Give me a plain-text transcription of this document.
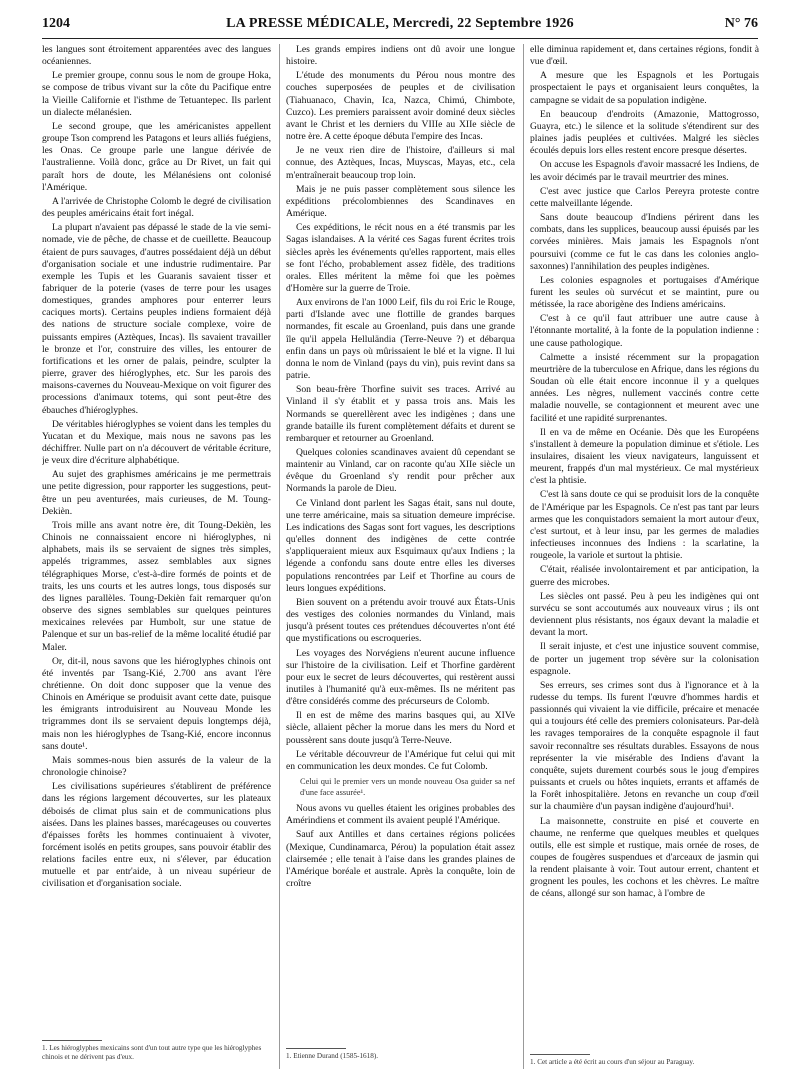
1204	LA PRESSE MÉDICALE, Mercredi, 22 Septembre 1926	N° 76

les langues sont étroitement apparentées avec des langues océaniennes.

Le premier groupe, connu sous le nom de groupe Hoka, se compose de tribus vivant sur la côte du Pacifique entre la Vieille Californie et l'isthme de Tetuantepec. Ils parlent un dialecte mélanésien.

Le second groupe, que les américanistes appellent groupe Tson comprend les Patagons et leurs alliés fuégiens, les Onas. Ce groupe parle une langue dérivée de l'australienne. Voilà donc, grâce au Dr Rivet, un fait qui paraît hors de doute, les Mélanésiens ont colonisé l'Amérique.

A l'arrivée de Christophe Colomb le degré de civilisation des peuples américains était fort inégal.

La plupart n'avaient pas dépassé le stade de la vie semi-nomade, vie de pêche, de chasse et de cueillette. Beaucoup étaient de purs sauvages, d'autres possédaient déjà un début d'organisation sociale et une industrie rudimentaire. Par exemple les Tupis et les Guaranis savaient tisser et fabriquer de la poterie (vases de terre pour les usages domestiques, grandes amphores pour enterrer leurs caciques morts). Certains peuples indiens formaient déjà des nations de structure sociale complexe, voire de puissants empires (Aztèques, Incas). Ils savaient travailler le bronze et l'or, construire des villes, les entourer de fortifications et les orner de palais, peindre, sculpter la pierre, graver des hiéroglyphes, etc. Sur les parois des maisons-cavernes du Nouveau-Mexique on voit figurer des processions d'animaux totems, qui sont peut-être des ébauches d'hiéroglyphes.

De véritables hiéroglyphes se voient dans les temples du Yucatan et du Mexique, mais nous ne savons pas les déchiffrer. Nulle part on n'a découvert de véritable écriture, je veux dire d'écriture alphabétique.

Au sujet des graphismes américains je me permettrais une petite digression, pour rapporter les suggestions, peut-être un peu aventurées, mais curieuses, de M. Toung-Dekièn.

Trois mille ans avant notre ère, dit Toung-Dekièn, les Chinois ne connaissaient encore ni hiéroglyphes, ni alphabets, mais ils se servaient de signes très simples, appelés trigrammes, assez semblables aux signes télégraphiques Morse, c'est-à-dire formés de points et de traits, les uns courts et les autres longs, tous disposés sur des lignes parallèles. Toung-Dekièn fait remarquer qu'on observe des signes semblables sur quelques peintures mexicaines relevées par Humbolt, sur une statue de Palenque et sur un bas-relief de la même localité étudié par Maler.

Or, dit-il, nous savons que les hiéroglyphes chinois ont été inventés par Tsang-Kié, 2.700 ans avant l'ère chrétienne. On doit donc supposer que la venue des Chinois en Amérique se produisit avant cette date, puisque les émigrants introduisirent au Nouveau Monde les trigrammes dont ils se servaient depuis longtemps déjà, mais non les hiéroglyphes de Tsang-Kié, encore inconnus sans doute¹.

Mais sommes-nous bien assurés de la valeur de la chronologie chinoise?

Les civilisations supérieures s'établirent de préférence dans les régions largement découvertes, sur les plateaux déboisés de climat plus sain et de communications plus aisées. Dans les plaines basses, marécageuses ou couvertes d'épaisses forêts les hommes continuaient à vivoter, forcément isolés en petits groupes, sans pouvoir établir des relations faciles entre eux, ni s'élever, par éducation mutuelle et par entr'aide, à un niveau supérieur de civilisation et d'organisation sociale.

1. Les hiéroglyphes mexicains sont d'un tout autre type que les hiéroglyphes chinois et ne dérivent pas d'eux.

Les grands empires indiens ont dû avoir une longue histoire.

L'étude des monuments du Pérou nous montre des couches superposées de peuples et de civilisation (Tiahuanaco, Chavin, Ica, Nazca, Chimú, Chimbote, Cuzco). Les premiers paraissent avoir dominé deux siècles avant le Christ et les derniers du VIIIe au XIIe siècle de notre ère. A cette époque débuta l'empire des Incas.

Je ne veux rien dire de l'histoire, d'ailleurs si mal connue, des Aztèques, Incas, Muyscas, Mayas, etc., cela m'entraînerait beaucoup trop loin.

Mais je ne puis passer complètement sous silence les expéditions précolombiennes des Scandinaves en Amérique.

Ces expéditions, le récit nous en a été transmis par les Sagas islandaises. A la vérité ces Sagas furent écrites trois siècles après les événements qu'elles rapportent, mais elles se font l'écho, probablement assez fidèle, des traditions orales. Elles méritent la même foi que les poèmes d'Homère sur la guerre de Troie.

Aux environs de l'an 1000 Leif, fils du roi Eric le Rouge, parti d'Islande avec une flottille de grandes barques normandes, fit escale au Groenland, puis dans une grande île qu'il appela Helluländia (Terre-Neuve ?) et débarqua enfin dans un pays où mûrissaient le blé et la vigne. Il lui donna le nom de Vinland (pays du vin), puis revint dans sa patrie.

Son beau-frère Thorfine suivit ses traces. Arrivé au Vinland il s'y établit et y passa trois ans. Mais les Normands se querellèrent avec les indigènes ; dans une grande bataille ils furent complètement défaits et durent se rembarquer et retourner au Groenland.

Quelques colonies scandinaves avaient dû cependant se maintenir au Vinland, car on raconte qu'au XIIe siècle un évêque du Groenland s'y rendit pour prêcher aux Normands la parole de Dieu.

Ce Vinland dont parlent les Sagas était, sans nul doute, une terre américaine, mais sa situation demeure imprécise. Les indications des Sagas sont fort vagues, les descriptions qu'elles donnent des indigènes de cette contrée s'appliqueraient mieux aux Esquimaux qu'aux Indiens ; la légende a confondu sans doute entre elles les diverses populations rencontrées par Leif et Thorfine au cours de leurs longues expéditions.

Bien souvent on a prétendu avoir trouvé aux États-Unis des vestiges des colonies normandes du Vinland, mais jusqu'à présent toutes ces prétendues découvertes n'ont été que mystifications ou escroqueries.

Les voyages des Norvégiens n'eurent aucune influence sur l'histoire de la civilisation. Leif et Thorfine gardèrent pour eux le secret de leurs découvertes, qui restèrent aussi inutiles à l'humanité qu'à eux-mêmes. Ils ne méritent pas d'être considérés comme des précurseurs de Colomb.

Il en est de même des marins basques qui, au XIVe siècle, allaient pêcher la morue dans les mers du Nord et poussèrent sans doute jusqu'à Terre-Neuve.

Le véritable découvreur de l'Amérique fut celui qui mit en communication les deux mondes. Ce fut Colomb.

Celui qui le premier vers un monde nouveau Osa guider sa nef d'une face assurée¹.

Nous avons vu quelles étaient les origines probables des Amérindiens et comment ils avaient peuplé l'Amérique.

Sauf aux Antilles et dans certaines régions policées (Mexique, Cundinamarca, Pérou) la population était assez clairsemée ; elle tenait à l'aise dans les grandes plaines de l'Amérique boréale et australe. Après la conquête, loin de croître

1. Etienne Durand (1585-1618).

elle diminua rapidement et, dans certaines régions, fondit à vue d'œil.

A mesure que les Espagnols et les Portugais prospectaient le pays et organisaient leurs conquêtes, la campagne se vidait de sa population indigène.

En beaucoup d'endroits (Amazonie, Mattogrosso, Guayra, etc.) le silence et la solitude s'étendirent sur des plaines jadis peuplées et cultivées. Malgré les siècles écoulés depuis lors elles restent encore presque désertes.

On accuse les Espagnols d'avoir massacré les Indiens, de les avoir décimés par le travail meurtrier des mines.

C'est avec justice que Carlos Pereyra proteste contre cette malveillante légende.

Sans doute beaucoup d'Indiens périrent dans les combats, dans les supplices, beaucoup aussi épuisés par les corvées minières. Mais jamais les Espagnols n'ont poursuivi (comme ce fut le cas dans les colonies anglo-saxonnes) l'annihilation des peuples indigènes.

Les colonies espagnoles et portugaises d'Amérique furent les seules où survécut et se maintint, pure ou métissée, la race aborigène des Indiens américains.

C'est à ce qu'il faut attribuer une autre cause à l'étonnante mortalité, à la fonte de la population indienne : une cause pathologique.

Calmette a insisté récemment sur la propagation meurtrière de la tuberculose en Afrique, dans les régions du Soudan où elle était encore inconnue il y a quelques années. Les nègres, nullement vaccinés contre cette maladie nouvelle, se contagionnent et meurent avec une facilité et une rapidité surprenantes.

Il en va de même en Océanie. Dès que les Européens s'installent à demeure la population diminue et s'étiole. Les insulaires, disaient les vieux navigateurs, languissent et meurent, frappés d'un mal mystérieux. Ce mal mystérieux c'est la phtisie.

C'est là sans doute ce qui se produisit lors de la conquête de l'Amérique par les Espagnols. Ce n'est pas tant par leurs armes que les conquistadors semaient la mort autour d'eux, c'est surtout, et à leur insu, par les germes de maladies infectieuses inconnues des Indiens : la scarlatine, la rougeole, la variole et surtout la phtisie.

C'était, réalisée involontairement et par anticipation, la guerre des microbes.

Les siècles ont passé. Peu à peu les indigènes qui ont survécu se sont accoutumés aux nouveaux virus ; ils ont deviennent plus résistants, nos égaux devant la maladie et devant la mort.

Il serait injuste, et c'est une injustice souvent commise, de porter un jugement trop sévère sur la colonisation espagnole.

Ses erreurs, ses crimes sont dus à l'ignorance et à la rudesse du temps. Ils furent l'œuvre d'hommes hardis et passionnés qui vivaient la vie difficile, précaire et menacée qui a toujours été celle des premiers colonisateurs. Par-delà les ravages temporaires de la conquête espagnole il faut savoir reconnaître ses résultats durables. Essayons de nous représenter la vie misérable des Indiens d'avant la conquête, sujets durement courbés sous le joug d'empires puissants et cruels ou hôtes inquiets, errants et affamés de la Forêt inhospitalière. Jetons en revanche un coup d'œil sur la chaumière d'un paysan indigène d'aujourd'hui¹.

La maisonnette, construite en pisé et couverte en chaume, ne renferme que quelques meubles et quelques outils, elle est simple et rustique, mais ornée de roses, de coupes de fougères suspendues et d'arceaux de jasmin qui la rendent plaisante à voir. Tout autour errent, chantent et grognent les poules, les cochons et les chèvres. Le maître de céans, allongé sur son hamac, à l'ombre de

1. Cet article a été écrit au cours d'un séjour au Paraguay.
